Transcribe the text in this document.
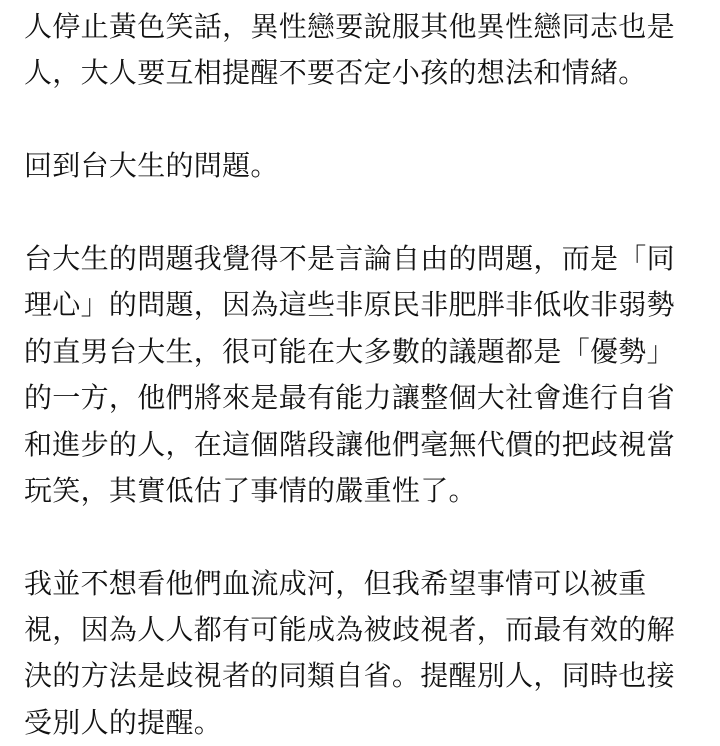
人停止黃色笑話，異性戀要說服其他異性戀同志也是
人，大人要互相提醒不要否定小孩的想法和情緒。

回到台大生的問題。

台大生的問題我覺得不是言論自由的問題，而是「同
理心」的問題，因為這些非原民非肥胖非低收非弱勢
的直男台大生，很可能在大多數的議題都是「優勢」
的一方，他們將來是最有能力讓整個大社會進行自省
和進步的人，在這個階段讓他們毫無代價的把歧視當
玩笑，其實低估了事情的嚴重性了。

我並不想看他們血流成河，但我希望事情可以被重
視，因為人人都有可能成為被歧視者，而最有效的解
決的方法是歧視者的同類自省。提醒別人，同時也接
受別人的提醒。
